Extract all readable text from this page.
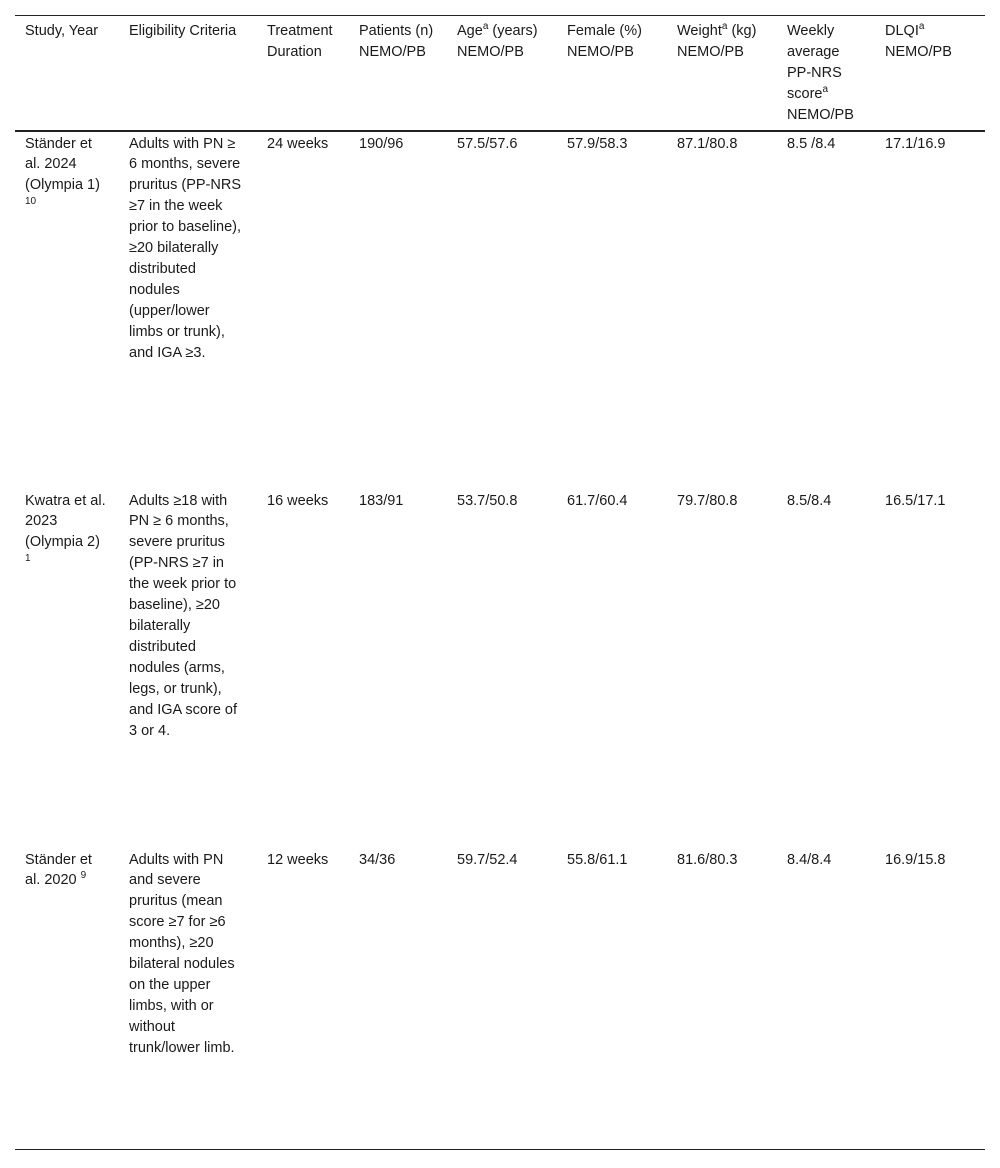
Study, Year	Eligibility Criteria	Treatment Duration	Patients (n) NEMO/PB	Age$^a$ (years) NEMO/PB	Female (%) NEMO/PB	Weight$^a$ (kg) NEMO/PB	Weekly average PP-NRS score$^a$ NEMO/PB	DLQI$^a$ NEMO/PB
Ständer et al. 2024 (Olympia 1) $^{10}$	Adults with PN ≥ 6 months, severe pruritus (PP-NRS ≥7 in the week prior to baseline), ≥20 bilaterally distributed nodules (upper/lower limbs or trunk), and IGA ≥3.	24 weeks	190/96	57.5/57.6	57.9/58.3	87.1/80.8	8.5 /8.4	17.1/16.9
Kwatra et al. 2023 (Olympia 2) $^1$	Adults ≥18 with PN ≥ 6 months, severe pruritus (PP-NRS ≥7 in the week prior to baseline), ≥20 bilaterally distributed nodules (arms, legs, or trunk), and IGA score of 3 or 4.	16 weeks	183/91	53.7/50.8	61.7/60.4	79.7/80.8	8.5/8.4	16.5/17.1
Ständer et al. 2020 $^9$	Adults with PN and severe pruritus (mean score ≥7 for ≥6 months), ≥20 bilateral nodules on the upper limbs, with or without trunk/lower limb.	12 weeks	34/36	59.7/52.4	55.8/61.1	81.6/80.3	8.4/8.4	16.9/15.8
